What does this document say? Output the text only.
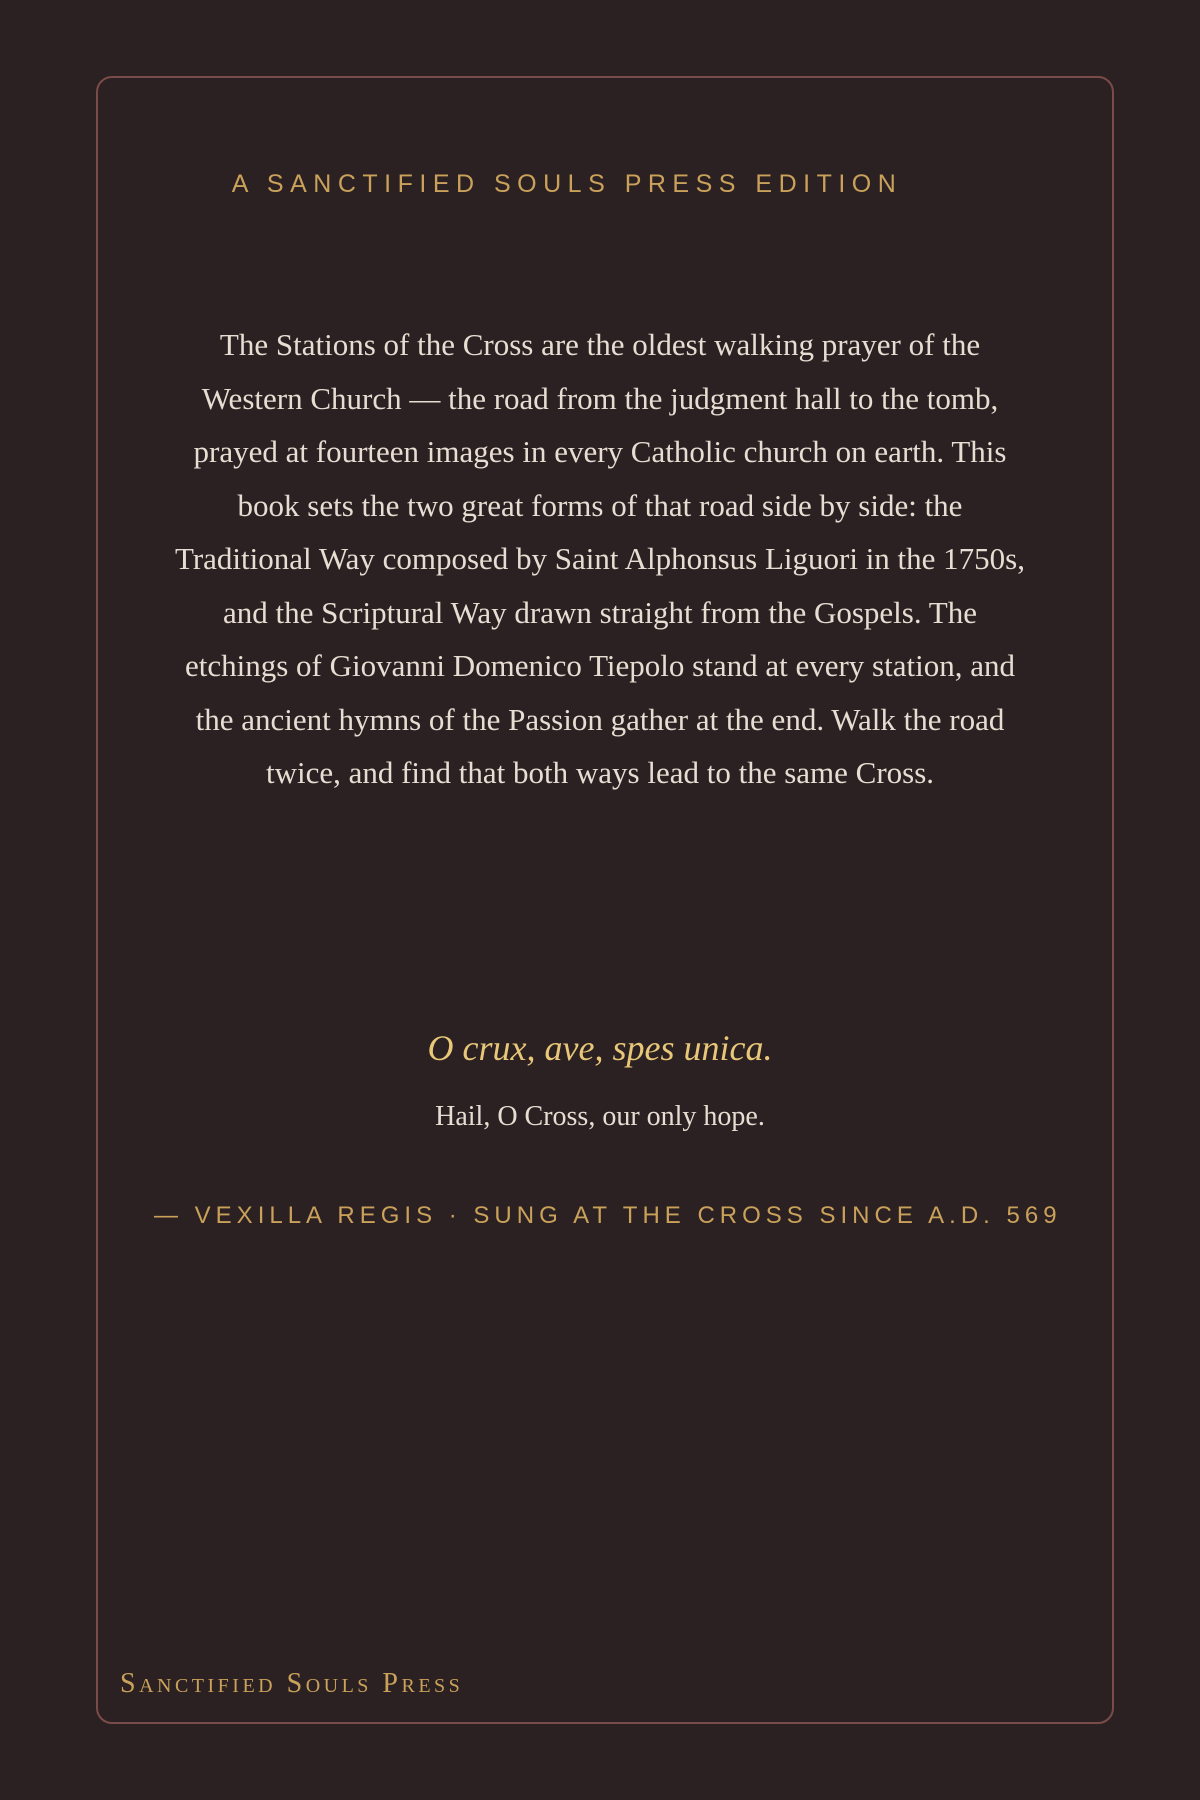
A SANCTIFIED SOULS PRESS EDITION

The Stations of the Cross are the oldest walking prayer of the Western Church — the road from the judgment hall to the tomb, prayed at fourteen images in every Catholic church on earth. This book sets the two great forms of that road side by side: the Traditional Way composed by Saint Alphonsus Liguori in the 1750s, and the Scriptural Way drawn straight from the Gospels. The etchings of Giovanni Domenico Tiepolo stand at every station, and the ancient hymns of the Passion gather at the end. Walk the road twice, and find that both ways lead to the same Cross.

O crux, ave, spes unica.
Hail, O Cross, our only hope.
— VEXILLA REGIS · SUNG AT THE CROSS SINCE A.D. 569
Sanctified Souls Press
